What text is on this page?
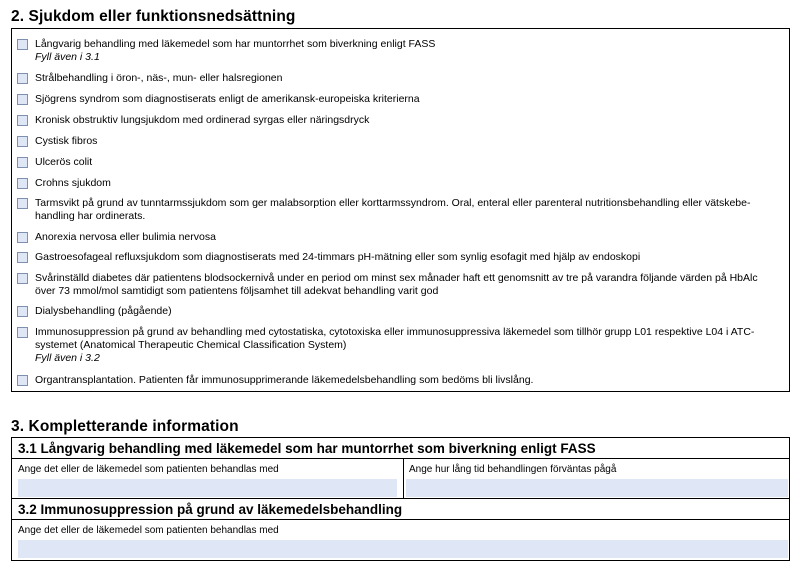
2. Sjukdom eller funktionsnedsättning
Långvarig behandling med läkemedel som har muntorrhet som biverkning enligt FASS
Fyll även i 3.1
Strålbehandling i öron-, näs-, mun- eller halsregionen
Sjögrens syndrom som diagnostiserats enligt de amerikansk-europeiska kriterierna
Kronisk obstruktiv lungsjukdom med ordinerad syrgas eller näringsdryck
Cystisk fibros
Ulcerös colit
Crohns sjukdom
Tarmsvikt på grund av tunntarmssjukdom som ger malabsorption eller korttarmssyndrom. Oral, enteral eller parenteral nutritionsbehandling eller vätskebe-
handling har ordinerats.
Anorexia nervosa eller bulimia nervosa
Gastroesofageal refluxsjukdom som diagnostiserats med 24-timmars pH-mätning eller som synlig esofagit med hjälp av endoskopi
Svårinställd diabetes där patientens blodsockernivå under en period om minst sex månader haft ett genomsnitt av tre på varandra följande värden på HbAlc
över 73 mmol/mol samtidigt som patientens följsamhet till adekvat behandling varit god
Dialysbehandling (pågående)
Immunosuppression på grund av behandling med cytostatiska, cytotoxiska eller immunosuppressiva läkemedel som tillhör grupp L01 respektive L04 i ATC-
systemet (Anatomical Therapeutic Chemical Classification System)
Fyll även i 3.2
Organtransplantation. Patienten får immunosupprimerande läkemedelsbehandling som bedöms bli livslång.
3. Kompletterande information
3.1 Långvarig behandling med läkemedel som har muntorrhet som biverkning enligt FASS
Ange det eller de läkemedel som patienten behandlas med	Ange hur lång tid behandlingen förväntas pågå
3.2 Immunosuppression på grund av läkemedelsbehandling
Ange det eller de läkemedel som patienten behandlas med
